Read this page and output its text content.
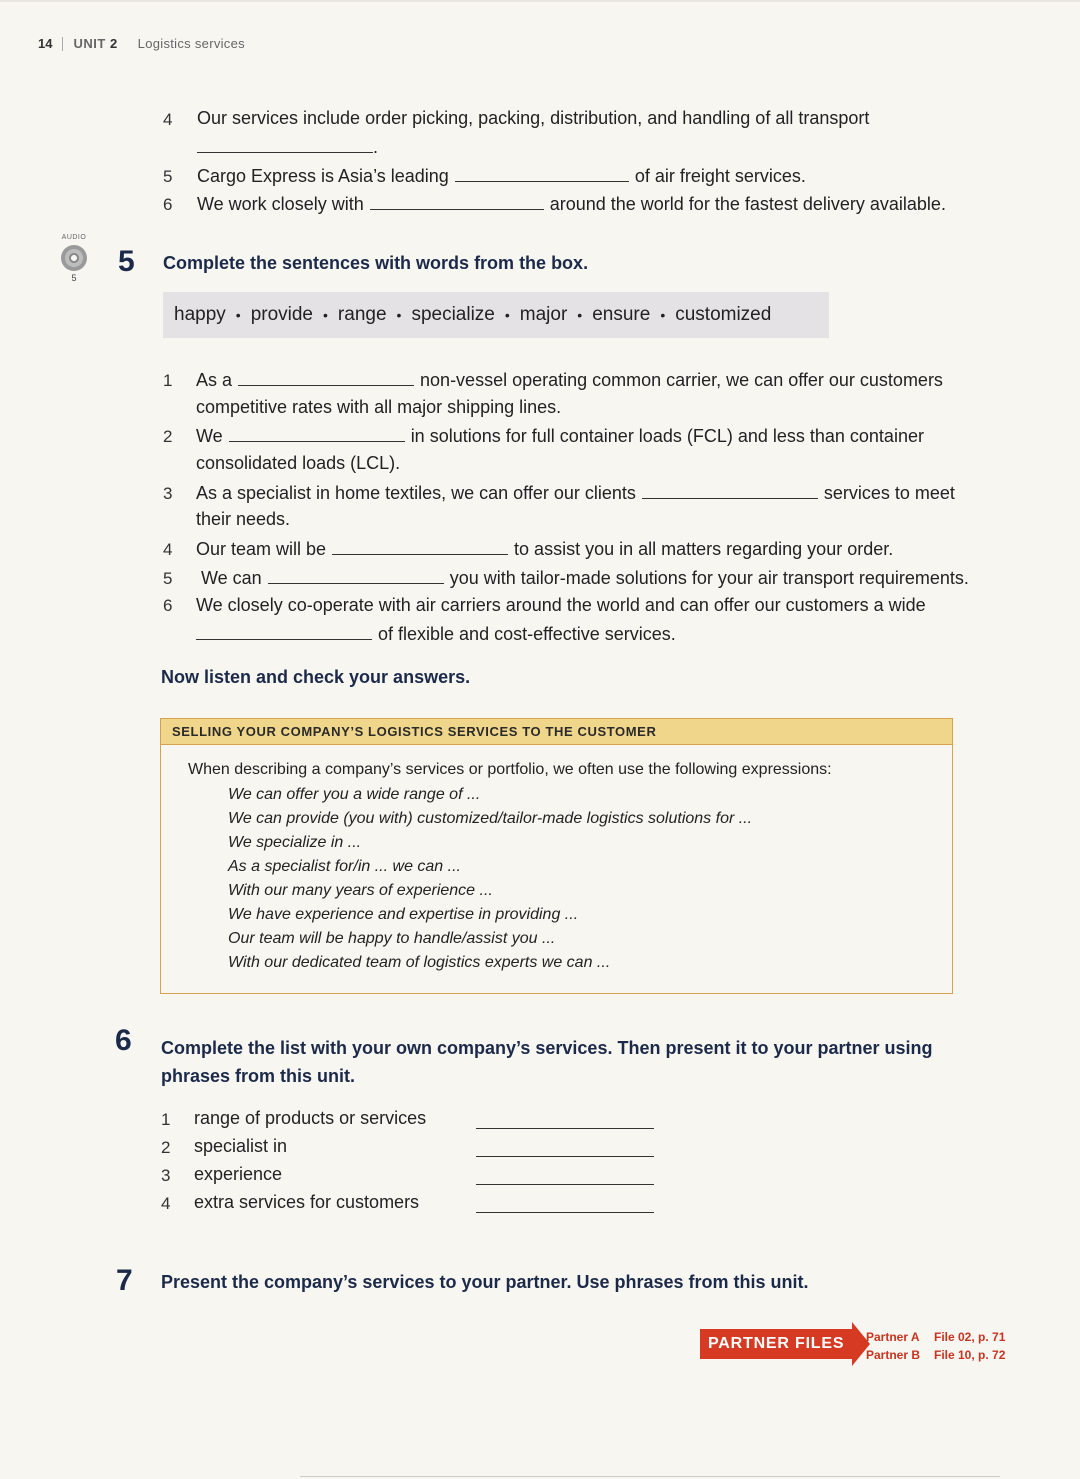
14 UNIT 2 Logistics services
4 Our services include order picking, packing, distribution, and handling of all transport
.
5 Cargo Express is Asia’s leading	of air freight services.
6 We work closely with	around the world for the fastest delivery available.
AUDIO
5	5 Complete the sentences with words from the box.
happy • provide • range • specialize • major • ensure • customized
1 As a	non-vessel operating common carrier, we can offer our customers
competitive rates with all major shipping lines.
2 We	in solutions for full container loads (FCL) and less than container
consolidated loads (LCL).
3 As a specialist in home textiles, we can offer our clients	services to meet
their needs.
4 Our team will be	to assist you in all matters regarding your order.
5 We can	you with tailor-made solutions for your air transport requirements.
6 We closely co-operate with air carriers around the world and can offer our customers a wide
of flexible and cost-effective services.
Now listen and check your answers.
SELLING YOUR COMPANY’S LOGISTICS SERVICES TO THE CUSTOMER
When describing a company’s services or portfolio, we often use the following expressions:
We can offer you a wide range of ...
We can provide (you with) customized/tailor-made logistics solutions for ...
We specialize in ...
As a specialist for/in ... we can ...
With our many years of experience ...
We have experience and expertise in providing ...
Our team will be happy to handle/assist you ...
With our dedicated team of logistics experts we can ...
6 Complete the list with your own company’s services. Then present it to your partner using
phrases from this unit.
1 range of products or services
2 specialist in
3 experience
4 extra services for customers
7 Present the company’s services to your partner. Use phrases from this unit.
PARTNER FILES	Partner A	File 02, p. 71
Partner B	File 10, p. 72
